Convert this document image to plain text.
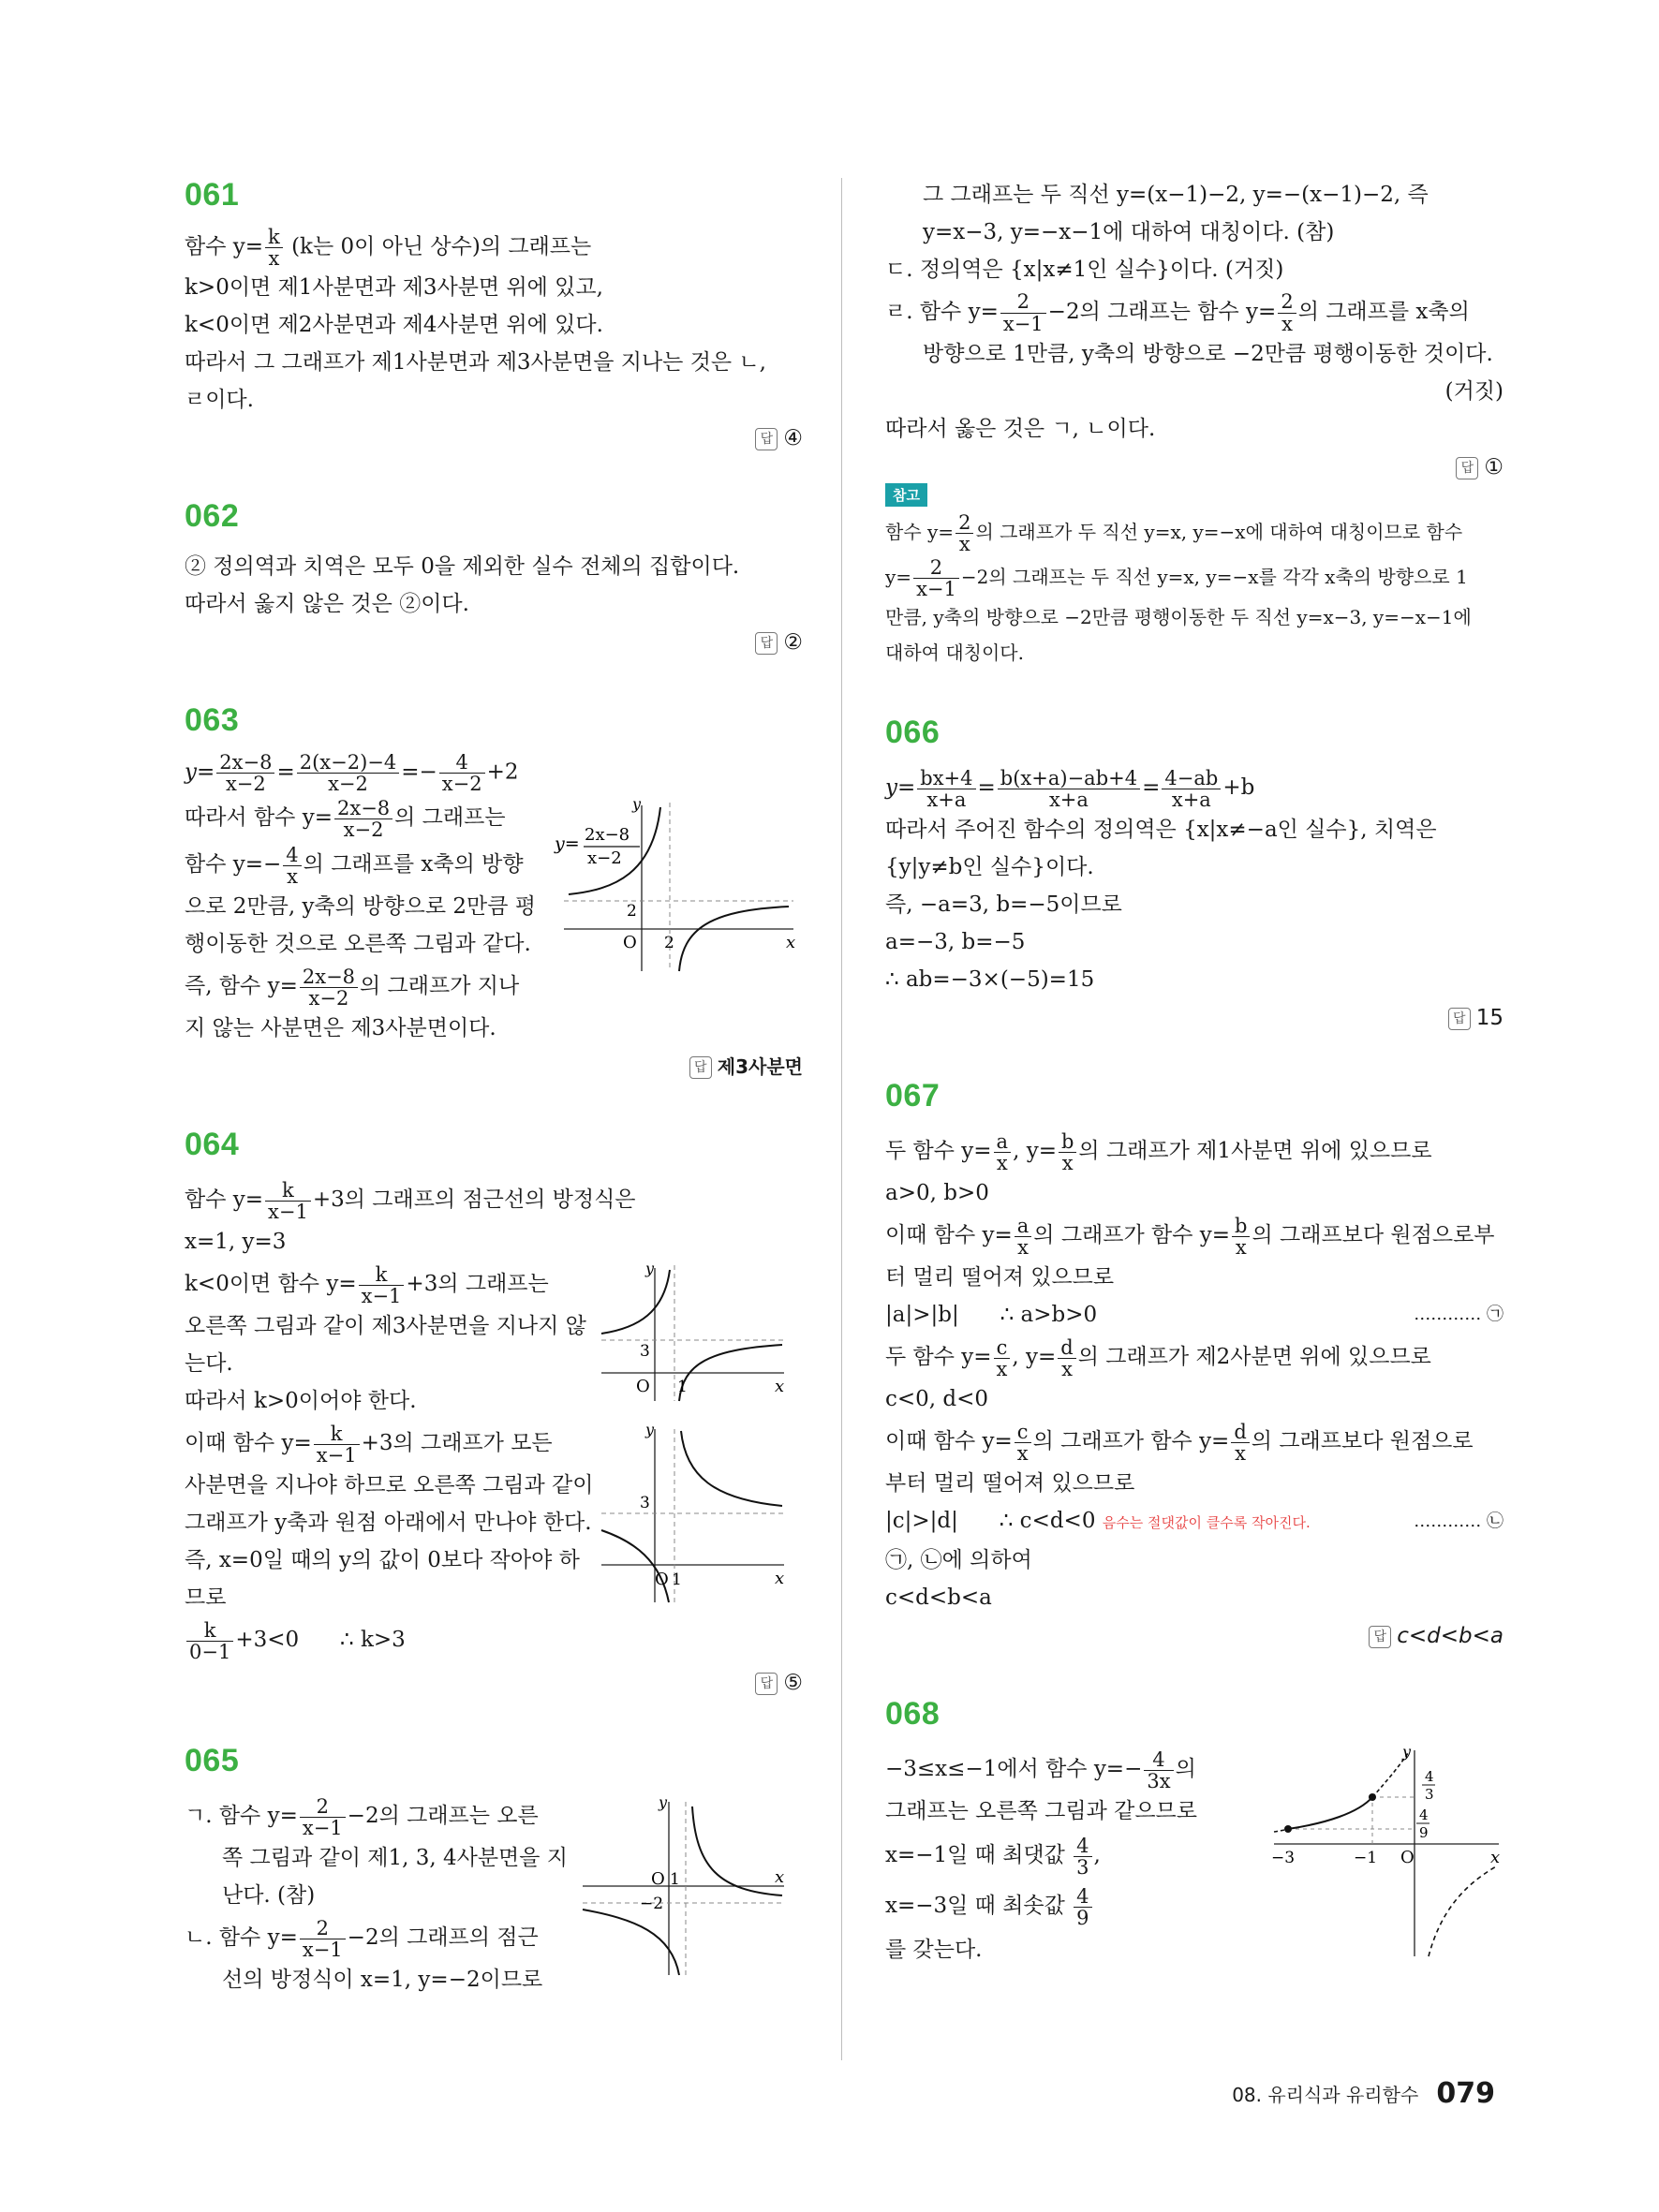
061
함수 $y= \frac{k}{x} (k$는 0이 아닌 상수)의 그래프는
k>0이면 제1사분면과 제3사분면 위에 있고,
k<0이면 제2사분면과 제4사분면 위에 있다.
따라서 그 그래프가 제1사분면과 제3사분면을 지나는 것은 ㄴ,
ㄹ이다.
답 ④
062
② 정의역과 치역은 모두 0을 제외한 실수 전체의 집합이다.
따라서 옳지 않은 것은 ②이다.
답 ②
063
$y= \frac{2x-8}{x-2} = \frac{2(x-2)-4}{x-2} =- \frac{4}{x-2} +2$
따라서 함수 $y= \frac{2x-8}{x-2}$ 의 그래프는
함수 $y=- \frac{4}{x}$ 의 그래프를 x축의 방향
으로 2만큼, y축의 방향으로 2만큼 평
행이동한 것으로 오른쪽 그림과 같다.
즉, 함수 $y= \frac{2x-8}{x-2}$ 의 그래프가 지나
지 않는 사분면은 제3사분면이다.
y= 2x−8
x−2
x
y
O 2
2
답 제3사분면
064
함수 $y= \frac{k}{x-1} +3$의 그래프의 점근선의 방정식은
x=1, y=3
k<0이면 함수 $y= \frac{k}{x-1} +3$의 그래프는
오른쪽 그림과 같이 제3사분면을 지나지 않
는다.
따라서 k>0이어야 한다.
x
y
O 1
3
이때 함수 $y= \frac{k}{x-1} +3$의 그래프가 모든
사분면을 지나야 하므로 오른쪽 그림과 같이
그래프가 y축과 원점 아래에서 만나야 한다.
즉, x=0일 때의 y의 값이 0보다 작아야 하
므로
$\frac{k}{0-1} +3<0$      ∴ k>3
x
y
O 1
3
답 ⑤
065
ㄱ. 함수 $y= \frac{2}{x-1} -2$의 그래프는 오른
쪽 그림과 같이 제1, 3, 4사분면을 지
난다. (참)
ㄴ. 함수 $y= \frac{2}{x-1} -2$의 그래프의 점근
선의 방정식이 x=1, y=−2이므로
x
y
O 1
−2
그 그래프는 두 직선 y=(x−1)−2, y=−(x−1)−2, 즉
y=x−3, y=−x−1에 대하여 대칭이다. (참)
ㄷ. 정의역은 {x|x≠1인 실수}이다. (거짓)
ㄹ. 함수 $y= \frac{2}{x-1} -2$의 그래프는 함수 $y= \frac{2}{x}$ 의 그래프를 x축의
방향으로 1만큼, y축의 방향으로 −2만큼 평행이동한 것이다.
(거짓)
따라서 옳은 것은 ㄱ, ㄴ이다.
답 ①
참고
함수 $y= \frac{2}{x}$ 의 그래프가 두 직선 y=x, y=−x에 대하여 대칭이므로 함수
$y= \frac{2}{x-1} -2$의 그래프는 두 직선 y=x, y=−x를 각각 x축의 방향으로 1
만큼, y축의 방향으로 −2만큼 평행이동한 두 직선 y=x−3, y=−x−1에
대하여 대칭이다.
066
$y= \frac{bx+4}{x+a} = \frac{b(x+a)-ab+4}{x+a} = \frac{4-ab}{x+a} +b$
따라서 주어진 함수의 정의역은 {x|x≠−a인 실수}, 치역은
{y|y≠b인 실수}이다.
즉, −a=3, b=−5이므로
a=−3, b=−5
∴ ab=−3×(−5)=15
답 15
067
두 함수 $y= \frac{a}{x}$ , $y= \frac{b}{x}$ 의 그래프가 제1사분면 위에 있으므로
a>0, b>0
이때 함수 $y= \frac{a}{x}$ 의 그래프가 함수 $y= \frac{b}{x}$ 의 그래프보다 원점으로부
터 멀리 떨어져 있으므로
|a|>|b|      ∴ a>b>0	………… ㉠
두 함수 $y= \frac{c}{x}$ , $y= \frac{d}{x}$ 의 그래프가 제2사분면 위에 있으므로
c<0, d<0
이때 함수 $y= \frac{c}{x}$ 의 그래프가 함수 $y= \frac{d}{x}$ 의 그래프보다 원점으로
부터 멀리 떨어져 있으므로
|c|>|d|      ∴ c<d<0 음수는 절댓값이 클수록 작아진다.	………… ㉡
㉠, ㉡에 의하여
c<d<b<a
답 c<d<b<a
068
−3≤x≤−1에서 함수 $y=- \frac{4}{3x}$ 의
그래프는 오른쪽 그림과 같으므로
x=−1일 때 최댓값 $\frac{4}{3}$ ,
x=−3일 때 최솟값 $\frac{4}{9}$
를 갖는다.
x
y
O
−3	−1
4
3
4
9
08. 유리식과 유리함수 079
